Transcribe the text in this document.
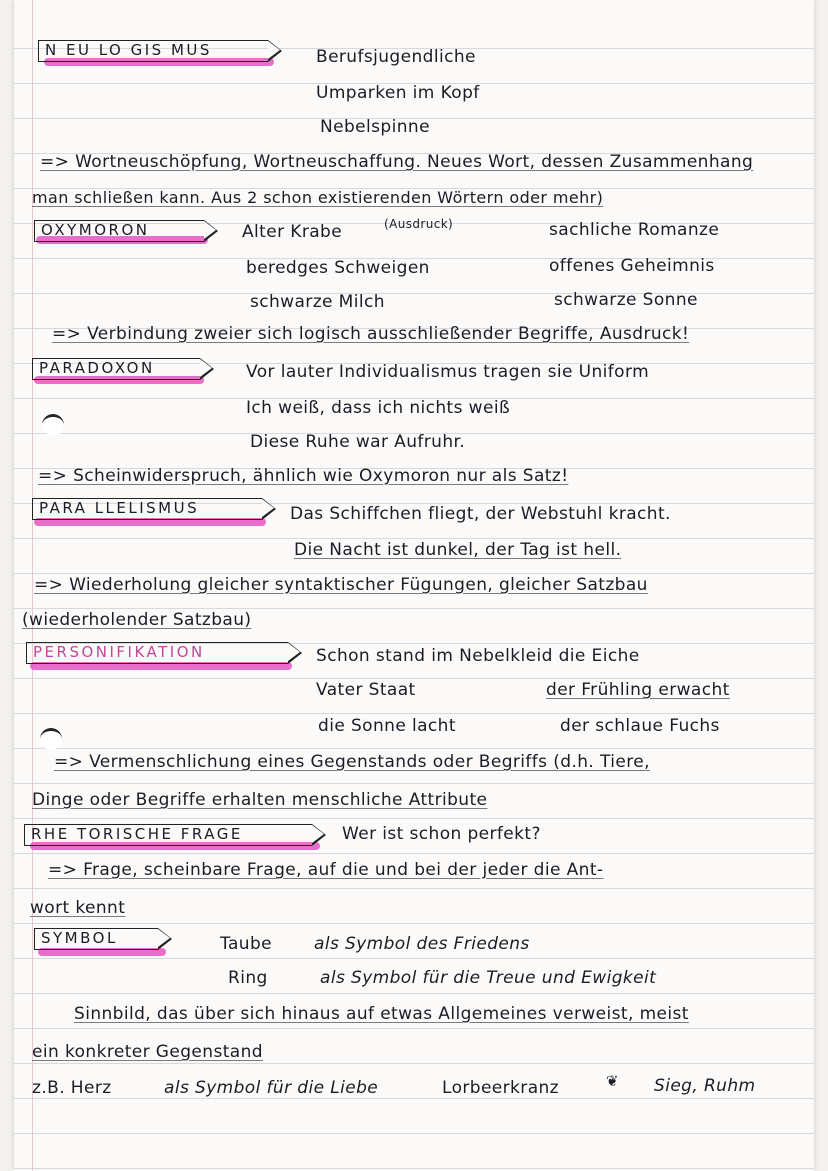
N EU LO GIS MUS	Berufsjugendliche
Umparken im Kopf
Nebelspinne
=> Wortneuschöpfung, Wortneuschaffung. Neues Wort, dessen Zusammenhang
man schließen kann. Aus 2 schon existierenden Wörtern oder mehr)
OXYMORON	Alter Krabe	(Ausdruck)	sachliche Romanze
beredges Schweigen	offenes Geheimnis
schwarze Milch	schwarze Sonne
=> Verbindung zweier sich logisch ausschließender Begriffe, Ausdruck!
PARADOXON	Vor lauter Individualismus tragen sie Uniform
Ich weiß, dass ich nichts weiß
Diese Ruhe war Aufruhr.
=> Scheinwiderspruch, ähnlich wie Oxymoron nur als Satz!
PARA LLELISMUS	Das Schiffchen fliegt, der Webstuhl kracht.
Die Nacht ist dunkel, der Tag ist hell.
=> Wiederholung gleicher syntaktischer Fügungen, gleicher Satzbau
(wiederholender Satzbau)
PERSONIFIKATION	Schon stand im Nebelkleid die Eiche
Vater Staat	der Frühling erwacht
die Sonne lacht	der schlaue Fuchs
=> Vermenschlichung eines Gegenstands oder Begriffs (d.h. Tiere,
Dinge oder Begriffe erhalten menschliche Attribute
RHE TORISCHE FRAGE	Wer ist schon perfekt?
=> Frage, scheinbare Frage, auf die und bei der jeder die Ant-
wort kennt
SYMBOL	Taube als Symbol des Friedens
Ring	als Symbol für die Treue und Ewigkeit
Sinnbild, das über sich hinaus auf etwas Allgemeines verweist, meist
ein konkreter Gegenstand
z.B. Herz	als Symbol für die Liebe	Lorbeerkranz	❦ Sieg, Ruhm
